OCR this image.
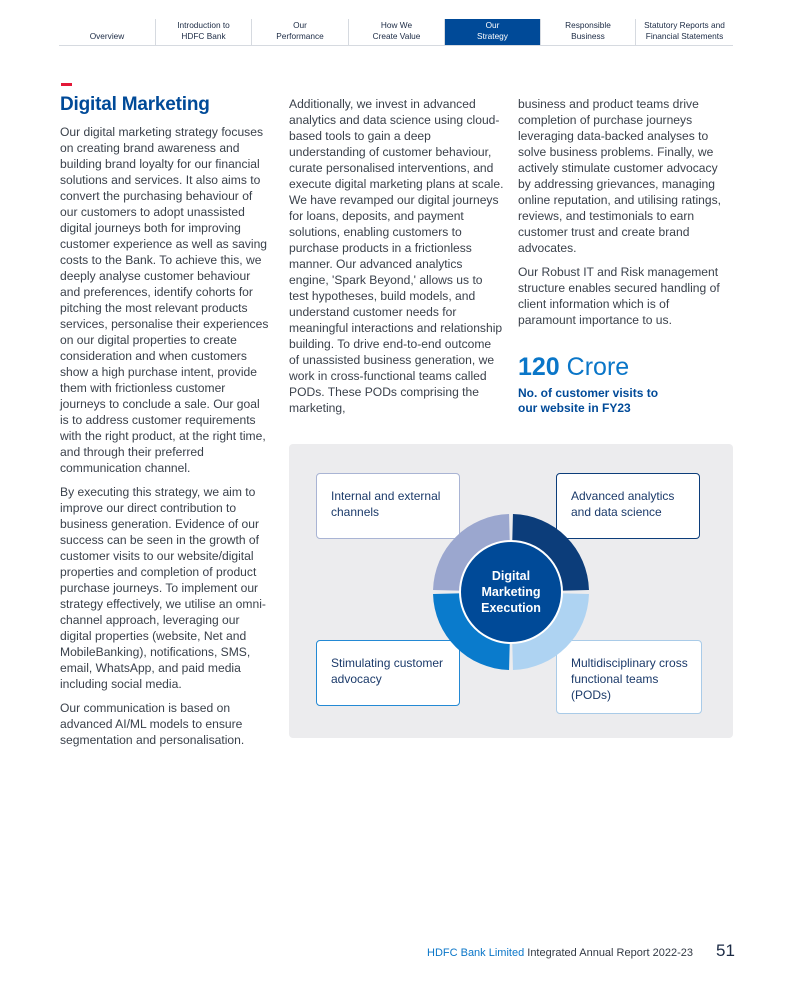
Overview
Introduction to
HDFC Bank
Our
Performance
How We
Create Value
Our
Strategy
Responsible
Business
Statutory Reports and
Financial Statements
Digital Marketing

Our digital marketing strategy focuses on creating brand awareness and building brand loyalty for our financial solutions and services. It also aims to convert the purchasing behaviour of our customers to adopt unassisted digital journeys both for improving customer experience as well as saving costs to the Bank. To achieve this, we deeply analyse customer behaviour and preferences, identify cohorts for pitching the most relevant products services, personalise their experiences on our digital properties to create consideration and when customers show a high purchase intent, provide them with frictionless customer journeys to conclude a sale. Our goal is to address customer requirements with the right product, at the right time, and through their preferred communication channel.

By executing this strategy, we aim to improve our direct contribution to business generation. Evidence of our success can be seen in the growth of customer visits to our website/digital properties and completion of product purchase journeys. To implement our strategy effectively, we utilise an omni-channel approach, leveraging our digital properties (website, Net and MobileBanking), notifications, SMS, email, WhatsApp, and paid media including social media.

Our communication is based on advanced AI/ML models to ensure segmentation and personalisation.

Additionally, we invest in advanced analytics and data science using cloud-based tools to gain a deep understanding of customer behaviour, curate personalised interventions, and execute digital marketing plans at scale. We have revamped our digital journeys for loans, deposits, and payment solutions, enabling customers to purchase products in a frictionless manner. Our advanced analytics engine, 'Spark Beyond,' allows us to test hypotheses, build models, and understand customer needs for meaningful interactions and relationship building. To drive end-to-end outcome of unassisted business generation, we work in cross-functional teams called PODs. These PODs comprising the marketing,

business and product teams drive completion of purchase journeys leveraging data-backed analyses to solve business problems. Finally, we actively stimulate customer advocacy by addressing grievances, managing online reputation, and utilising ratings, reviews, and testimonials to earn customer trust and create brand advocates.

Our Robust IT and Risk management structure enables secured handling of client information which is of paramount importance to us.

120 Crore
No. of customer visits to our website in FY23
Internal and external channels
Advanced analytics and data science
Stimulating customer advocacy
Multidisciplinary cross functional teams (PODs)
Digital
Marketing
Execution
HDFC Bank Limited Integrated Annual Report 2022-23 51
